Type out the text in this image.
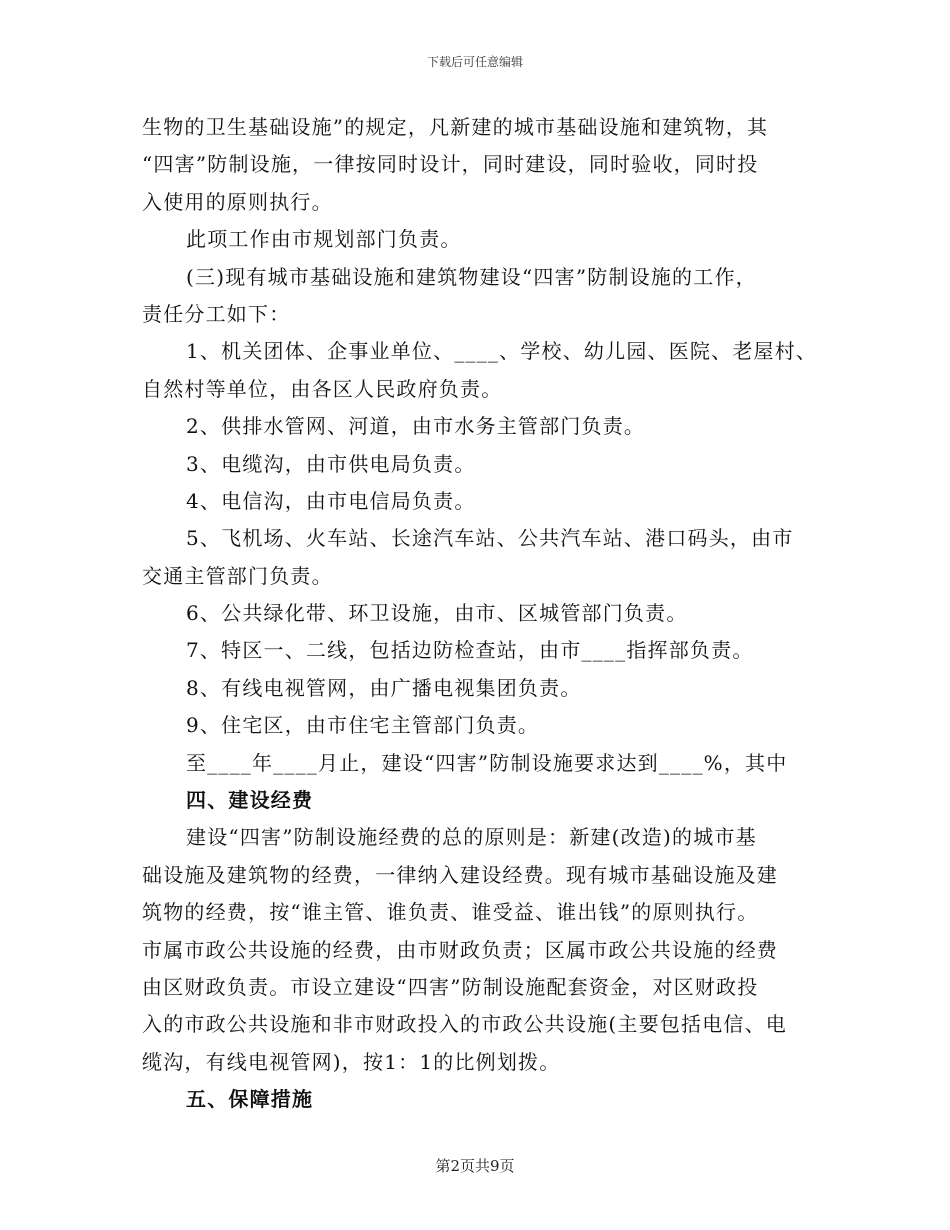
下载后可任意编辑
生物的卫生基础设施”的规定，凡新建的城市基础设施和建筑物，其
“四害”防制设施，一律按同时设计，同时建设，同时验收，同时投
入使用的原则执行。
此项工作由市规划部门负责。
(三)现有城市基础设施和建筑物建设“四害”防制设施的工作，
责任分工如下：
1、机关团体、企事业单位、____、学校、幼儿园、医院、老屋村、
自然村等单位，由各区人民政府负责。
2、供排水管网、河道，由市水务主管部门负责。
3、电缆沟，由市供电局负责。
4、电信沟，由市电信局负责。
5、飞机场、火车站、长途汽车站、公共汽车站、港口码头，由市
交通主管部门负责。
6、公共绿化带、环卫设施，由市、区城管部门负责。
7、特区一、二线，包括边防检查站，由市____指挥部负责。
8、有线电视管网，由广播电视集团负责。
9、住宅区，由市住宅主管部门负责。
至____年____月止，建设“四害”防制设施要求达到____%，其中
四、建设经费
建设“四害”防制设施经费的总的原则是：新建(改造)的城市基
础设施及建筑物的经费，一律纳入建设经费。现有城市基础设施及建
筑物的经费，按“谁主管、谁负责、谁受益、谁出钱”的原则执行。
市属市政公共设施的经费，由市财政负责；区属市政公共设施的经费
由区财政负责。市设立建设“四害”防制设施配套资金，对区财政投
入的市政公共设施和非市财政投入的市政公共设施(主要包括电信、电
缆沟，有线电视管网)，按1：1的比例划拨。
五、保障措施
第2页共9页
